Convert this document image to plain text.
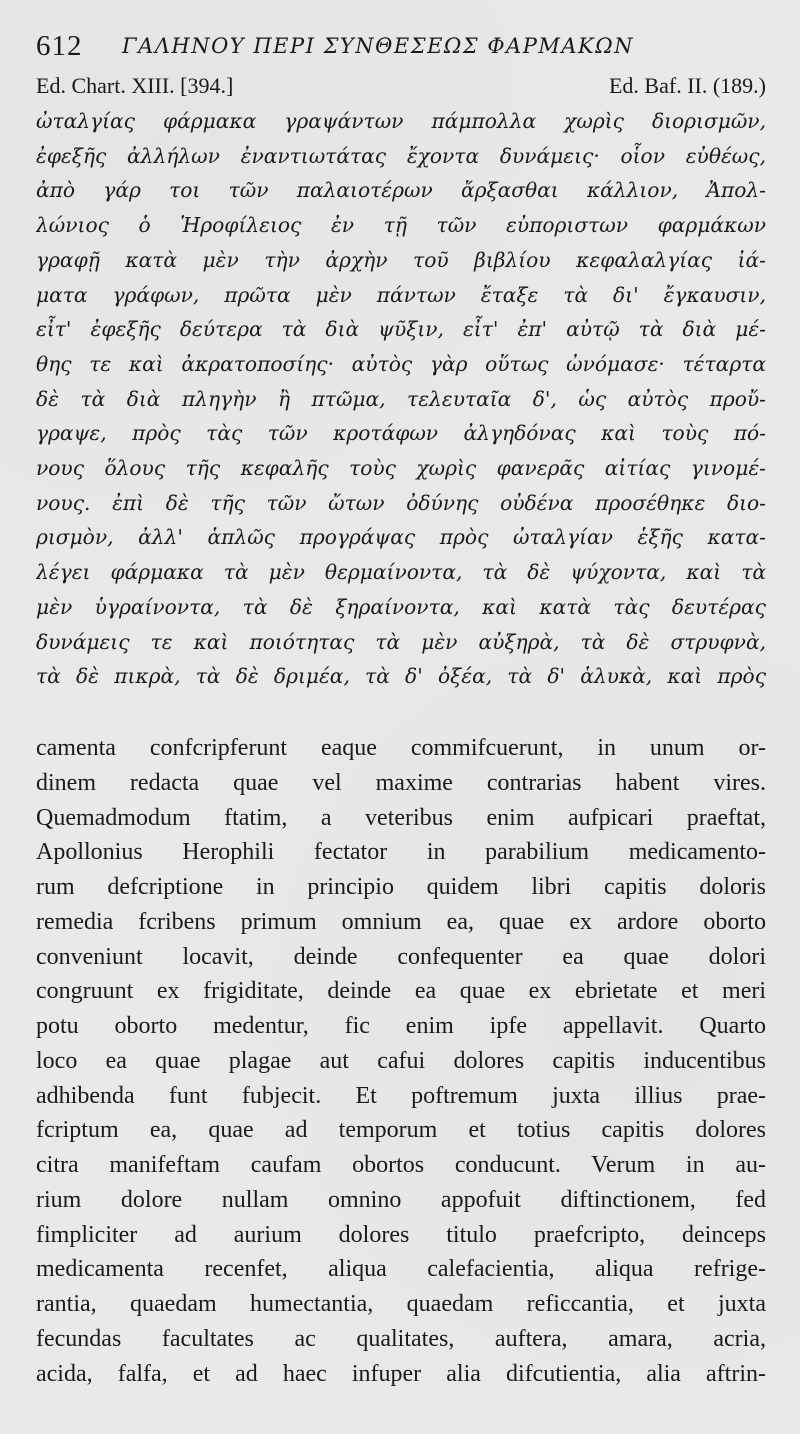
612 ΓΑΛΗΝΟΥ ΠΕΡΙ ΣΥΝΘΕΣΕΩΣ ΦΑΡΜΑΚΩΝ
Ed. Chart. XIII. [394.]	Ed. Baf. II. (189.)
ὠταλγίας φάρμακα γραψάντων πάμπολλα χωρὶς διορισμῶν,
ἐφεξῆς ἀλλήλων ἐναντιωτάτας ἔχοντα δυνάμεις· οἷον εὐθέως,
ἀπὸ γάρ τοι τῶν παλαιοτέρων ἄρξασθαι κάλλιον, Ἀπολ-
λώνιος ὁ Ἡροφίλειος ἐν τῇ τῶν εὐποριστων φαρμάκων
γραφῇ κατὰ μὲν τὴν ἀρχὴν τοῦ βιβλίου κεφαλαλγίας ἰά-
ματα γράφων, πρῶτα μὲν πάντων ἔταξε τὰ δι' ἔγκαυσιν,
εἶτ' ἐφεξῆς δεύτερα τὰ διὰ ψῦξιν, εἶτ' ἐπ' αὐτῷ τὰ διὰ μέ-
θης τε καὶ ἀκρατοποσίης· αὐτὸς γὰρ οὕτως ὠνόμασε· τέταρτα
δὲ τὰ διὰ πληγὴν ἢ πτῶμα, τελευταῖα δ', ὡς αὐτὸς προὔ-
γραψε, πρὸς τὰς τῶν κροτάφων ἀλγηδόνας καὶ τοὺς πό-
νους ὅλους τῆς κεφαλῆς τοὺς χωρὶς φανερᾶς αἰτίας γινομέ-
νους. ἐπὶ δὲ τῆς τῶν ὤτων ὀδύνης οὐδένα προσέθηκε διο-
ρισμὸν, ἀλλ' ἁπλῶς προγράψας πρὸς ὠταλγίαν ἑξῆς κατα-
λέγει φάρμακα τὰ μὲν θερμαίνοντα, τὰ δὲ ψύχοντα, καὶ τὰ
μὲν ὑγραίνοντα, τὰ δὲ ξηραίνοντα, καὶ κατὰ τὰς δευτέρας
δυνάμεις τε καὶ ποιότητας τὰ μὲν αὐξηρὰ, τὰ δὲ στρυφνὰ,
τὰ δὲ πικρὰ, τὰ δὲ δριμέα, τὰ δ' ὀξέα, τὰ δ' ἁλυκὰ, καὶ πρὸς
camenta confcripferunt eaque commifcuerunt, in unum or-
dinem redacta quae vel maxime contrarias habent vires.
Quemadmodum ftatim, a veteribus enim aufpicari praeftat,
Apollonius Herophili fectator in parabilium medicamento-
rum defcriptione in principio quidem libri capitis doloris
remedia fcribens primum omnium ea, quae ex ardore oborto
conveniunt locavit, deinde confequenter ea quae dolori
congruunt ex frigiditate, deinde ea quae ex ebrietate et meri
potu oborto medentur, fic enim ipfe appellavit. Quarto
loco ea quae plagae aut cafui dolores capitis inducentibus
adhibenda funt fubjecit. Et poftremum juxta illius prae-
fcriptum ea, quae ad temporum et totius capitis dolores
citra manifeftam caufam obortos conducunt. Verum in au-
rium dolore nullam omnino appofuit diftinctionem, fed
fimpliciter ad aurium dolores titulo praefcripto, deinceps
medicamenta recenfet, aliqua calefacientia, aliqua refrige-
rantia, quaedam humectantia, quaedam reficcantia, et juxta
fecundas facultates ac qualitates, auftera, amara, acria,
acida, falfa, et ad haec infuper alia difcutientia, alia aftrin-
